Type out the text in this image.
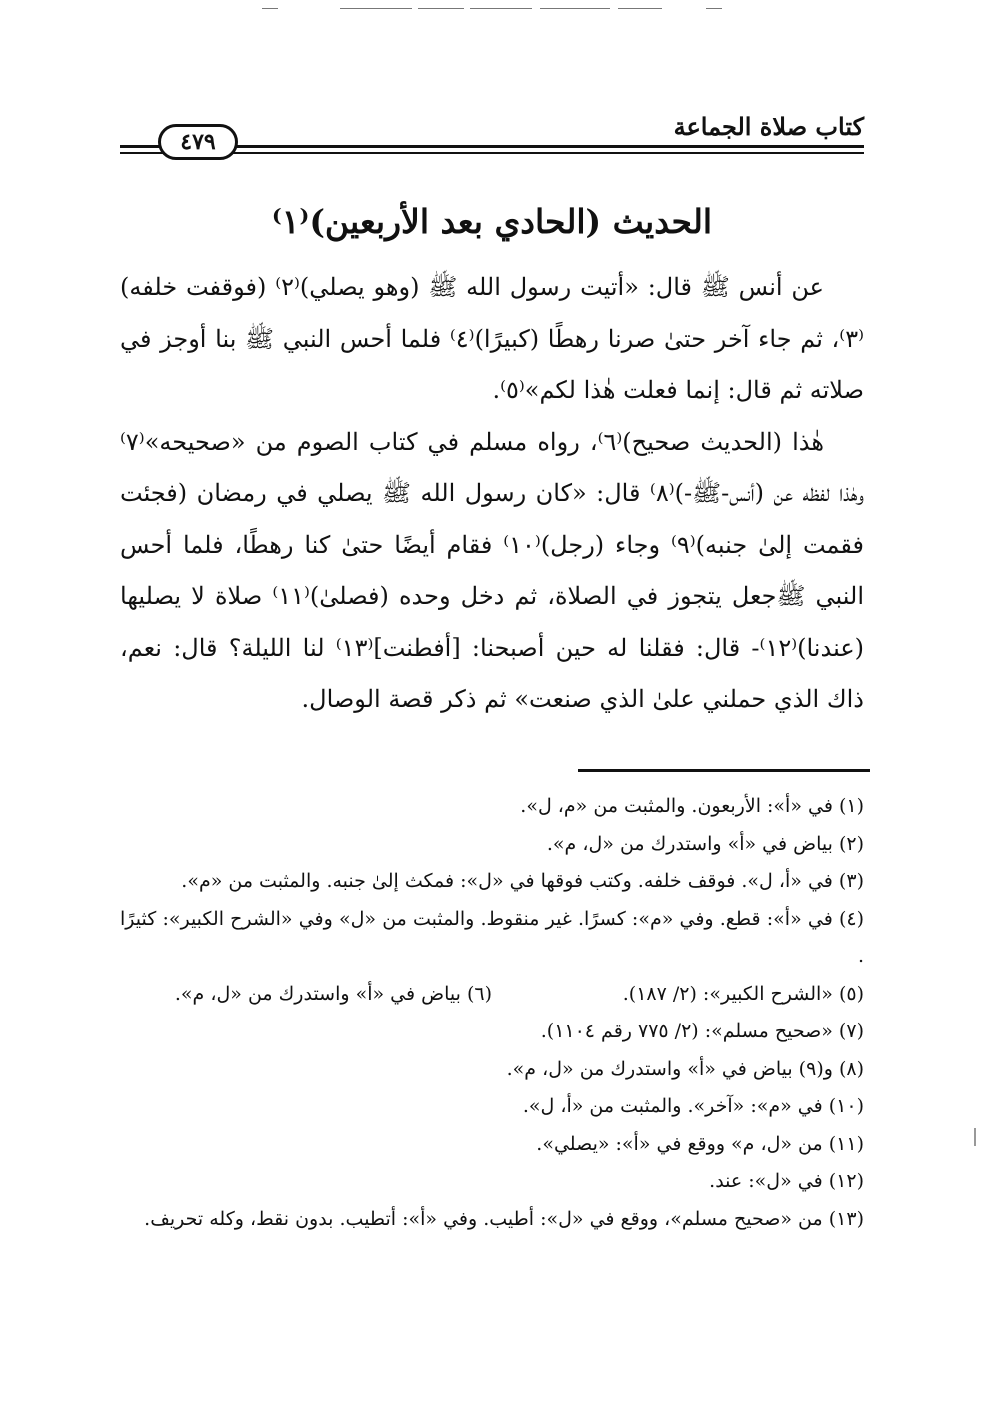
كتاب صلاة الجماعة
٤٧٩
الحديث (الحادي بعد الأربعين)⁽١⁾

عن أنس ﷺ قال: «أتيت رسول الله ﷺ (وهو يصلي)⁽٢⁾ (فوقفت خلفه)⁽٣⁾، ثم جاء آخر حتىٰ صرنا رهطًا (كبيرًا)⁽٤⁾ فلما أحس النبي ﷺ بنا أوجز في صلاته ثم قال: إنما فعلت هٰذا لكم»⁽٥⁾.

هٰذا (الحديث صحيح)⁽٦⁾، رواه مسلم في كتاب الصوم من «صحيحه»⁽٧⁾ وهٰذا لفظه عن (أنس-ﷺ-)⁽٨⁾ قال: «كان رسول الله ﷺ يصلي في رمضان (فجئت فقمت إلىٰ جنبه)⁽٩⁾ وجاء (رجل)⁽١٠⁾ فقام أيضًا حتىٰ كنا رهطًا، فلما أحس النبي ﷺجعل يتجوز في الصلاة، ثم دخل وحده (فصلىٰ)⁽١١⁾ صلاة لا يصليها (عندنا)⁽١٢⁾- قال: فقلنا له حين أصبحنا: [أفطنت]⁽١٣⁾ لنا الليلة؟ قال: نعم، ذاك الذي حملني علىٰ الذي صنعت» ثم ذكر قصة الوصال.

(١) في «أ»: الأربعون. والمثبت من «م، ل».

(٢) بياض في «أ» واستدرك من «ل، م».

(٣) في «أ، ل». فوقف خلفه. وكتب فوقها في «ل»: فمكث إلىٰ جنبه. والمثبت من «م».

(٤) في «أ»: قطع. وفي «م»: كسرًا. غير منقوط. والمثبت من «ل» وفي «الشرح الكبير»: كثيرًا .

(٥) «الشرح الكبير»: (٢/ ١٨٧).

(٦) بياض في «أ» واستدرك من «ل، م».

(٧) «صحيح مسلم»: (٢/ ٧٧٥ رقم ١١٠٤).

(٨) و(٩) بياض في «أ» واستدرك من «ل، م».

(١٠) في «م»: «آخر». والمثبت من «أ، ل».

(١١) من «ل، م» ووقع في «أ»: «يصلي».

(١٢) في «ل»: عند.

(١٣) من «صحيح مسلم»، ووقع في «ل»: أطيب. وفي «أ»: أتطيب. بدون نقط، وكله تحريف.
